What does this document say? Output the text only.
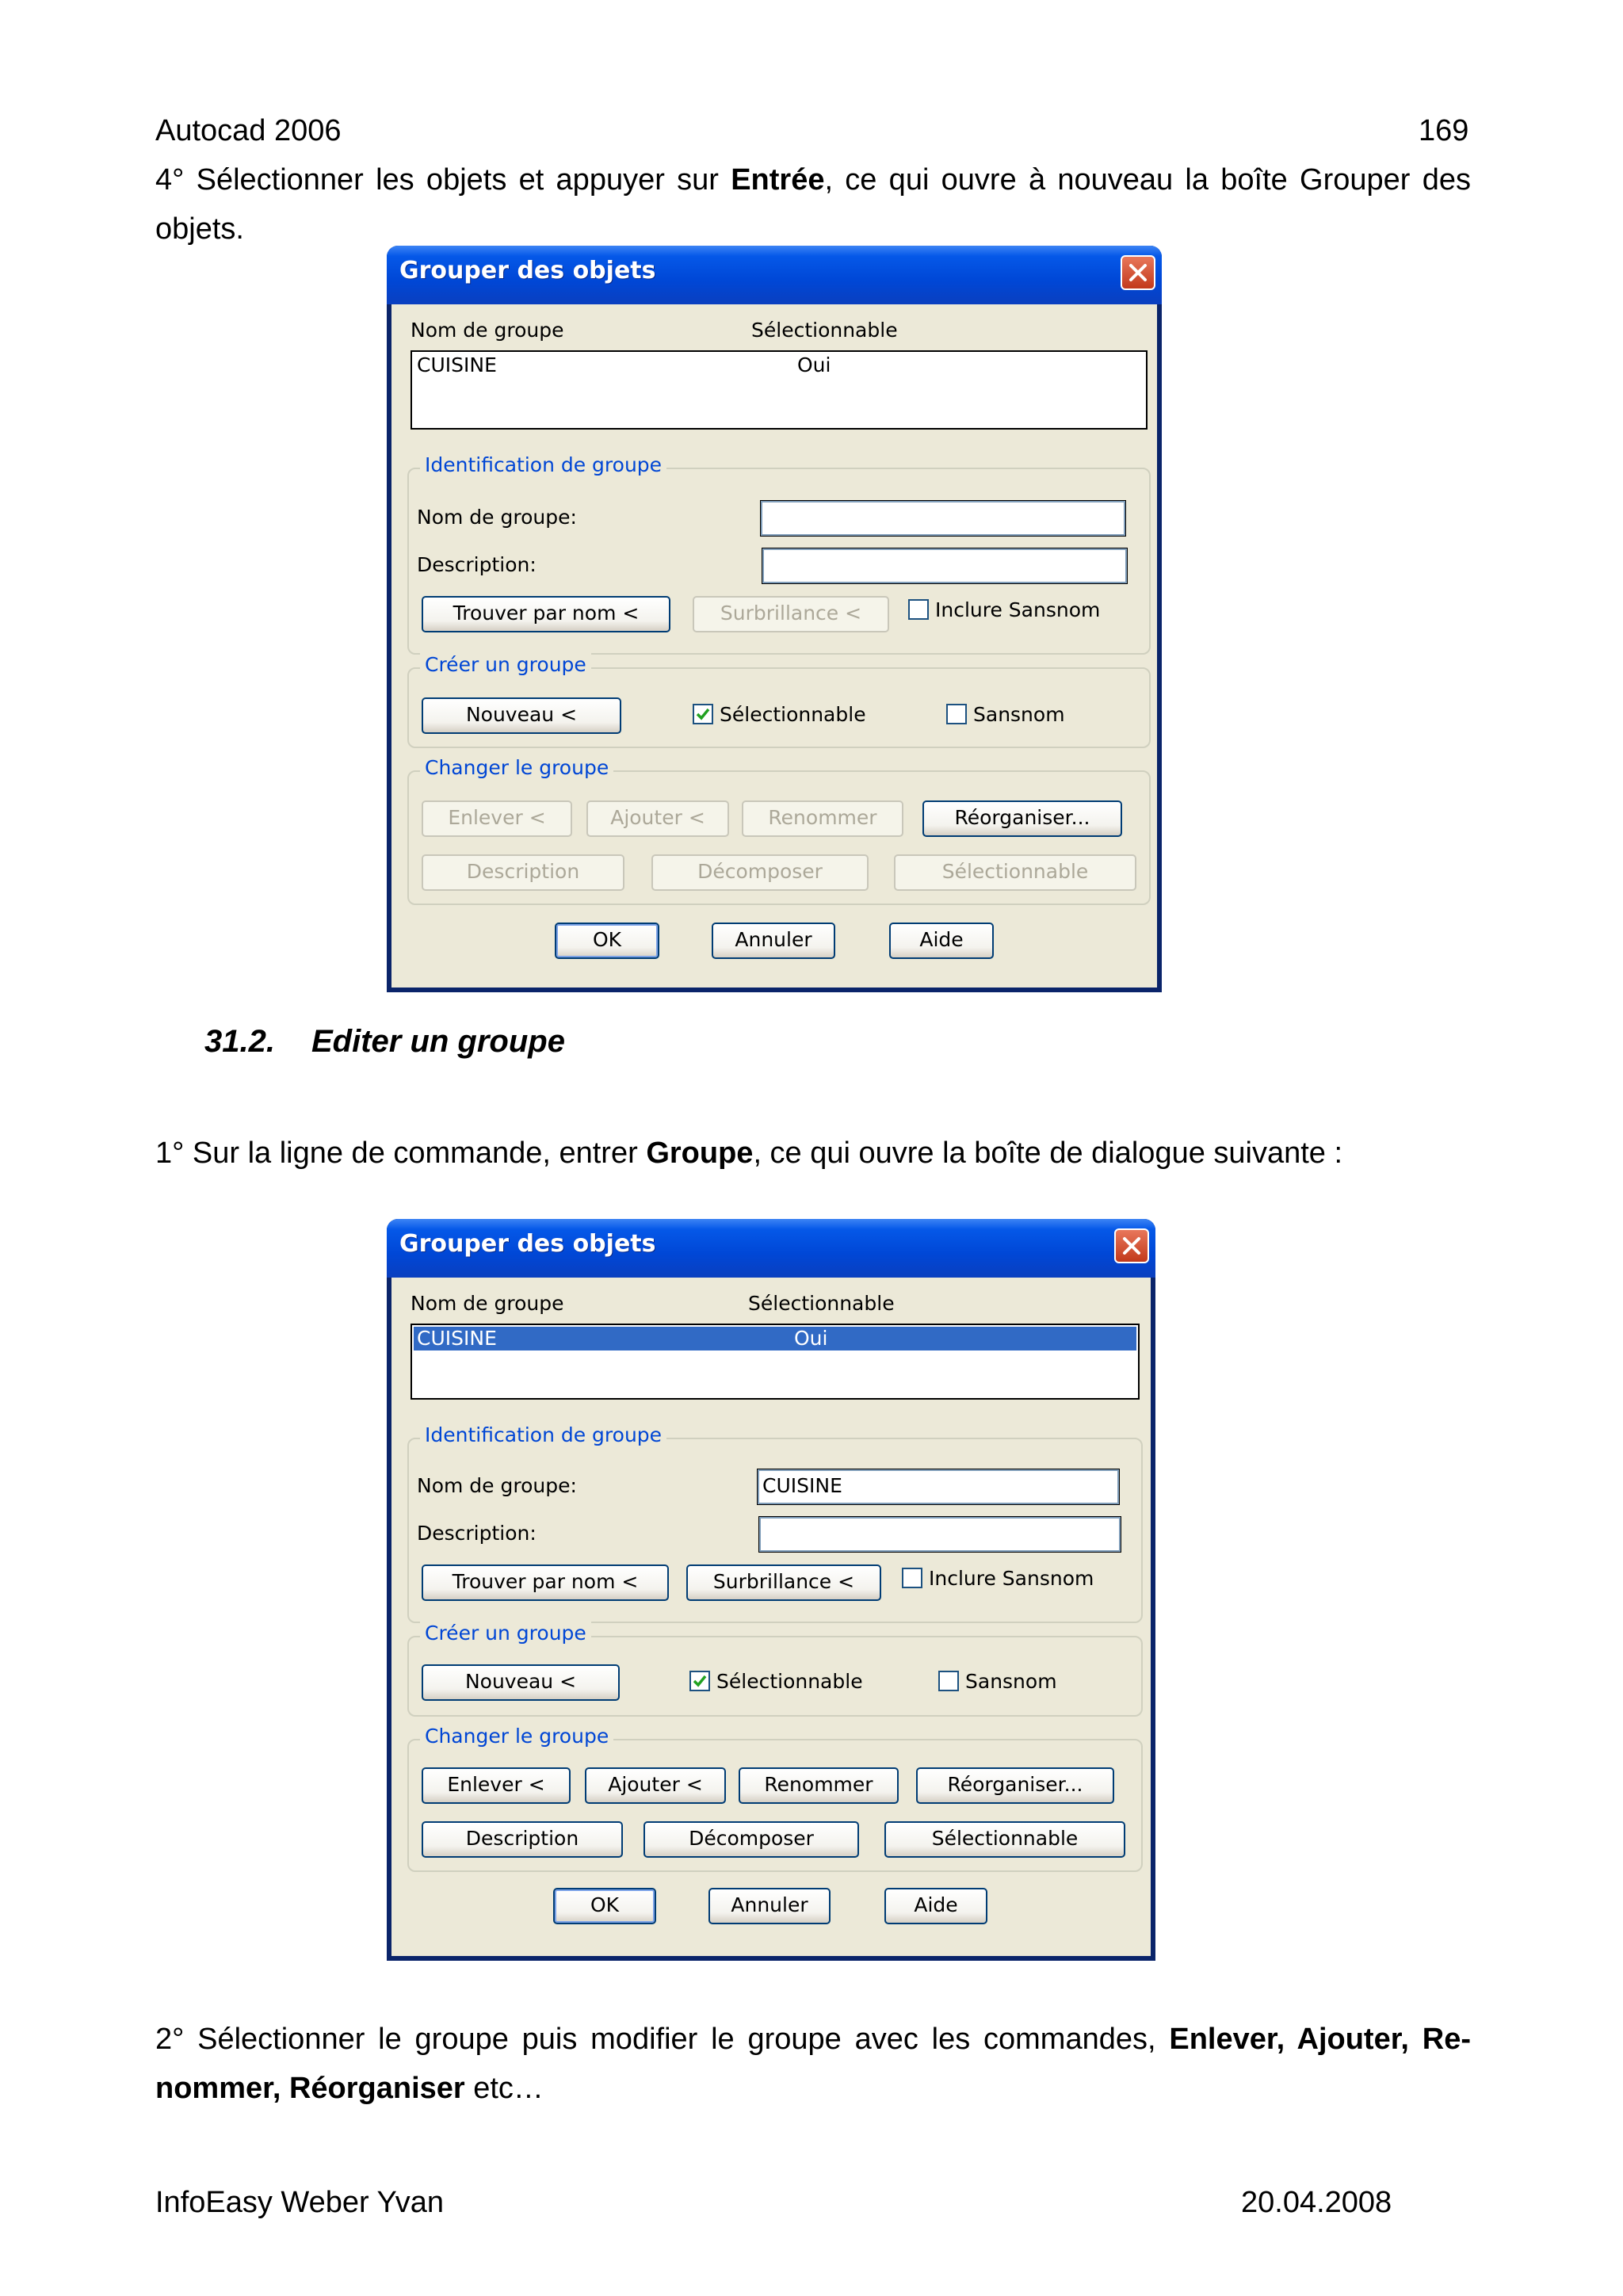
Autocad 2006	169
4° Sélectionner les objets et appuyer sur Entrée, ce qui ouvre à nouveau la boîte Grouper des objets.
Grouper des objets
Nom de groupe	Sélectionnable
CUISINE	Oui
Identification de groupe
Nom de groupe:
Description:
Trouver par nom <	Surbrillance <	Inclure Sansnom
Créer un groupe
Nouveau <	Sélectionnable	Sansnom
Changer le groupe
Enlever <	Ajouter <	Renommer	Réorganiser...
Description	Décomposer	Sélectionnable
OK	Annuler	Aide
31.2. Editer un groupe
1° Sur la ligne de commande, entrer Groupe, ce qui ouvre la boîte de dialogue suivante :
Grouper des objets
Nom de groupe	Sélectionnable
CUISINE	Oui
Identification de groupe
Nom de groupe:	CUISINE
Description:
Trouver par nom <	Surbrillance <	Inclure Sansnom
Créer un groupe
Nouveau <	Sélectionnable	Sansnom
Changer le groupe
Enlever <	Ajouter <	Renommer	Réorganiser...
Description	Décomposer	Sélectionnable
OK	Annuler	Aide
2° Sélectionner le groupe puis modifier le groupe avec les commandes, Enlever, Ajouter, Re-nommer, Réorganiser etc…
InfoEasy Weber Yvan	20.04.2008
